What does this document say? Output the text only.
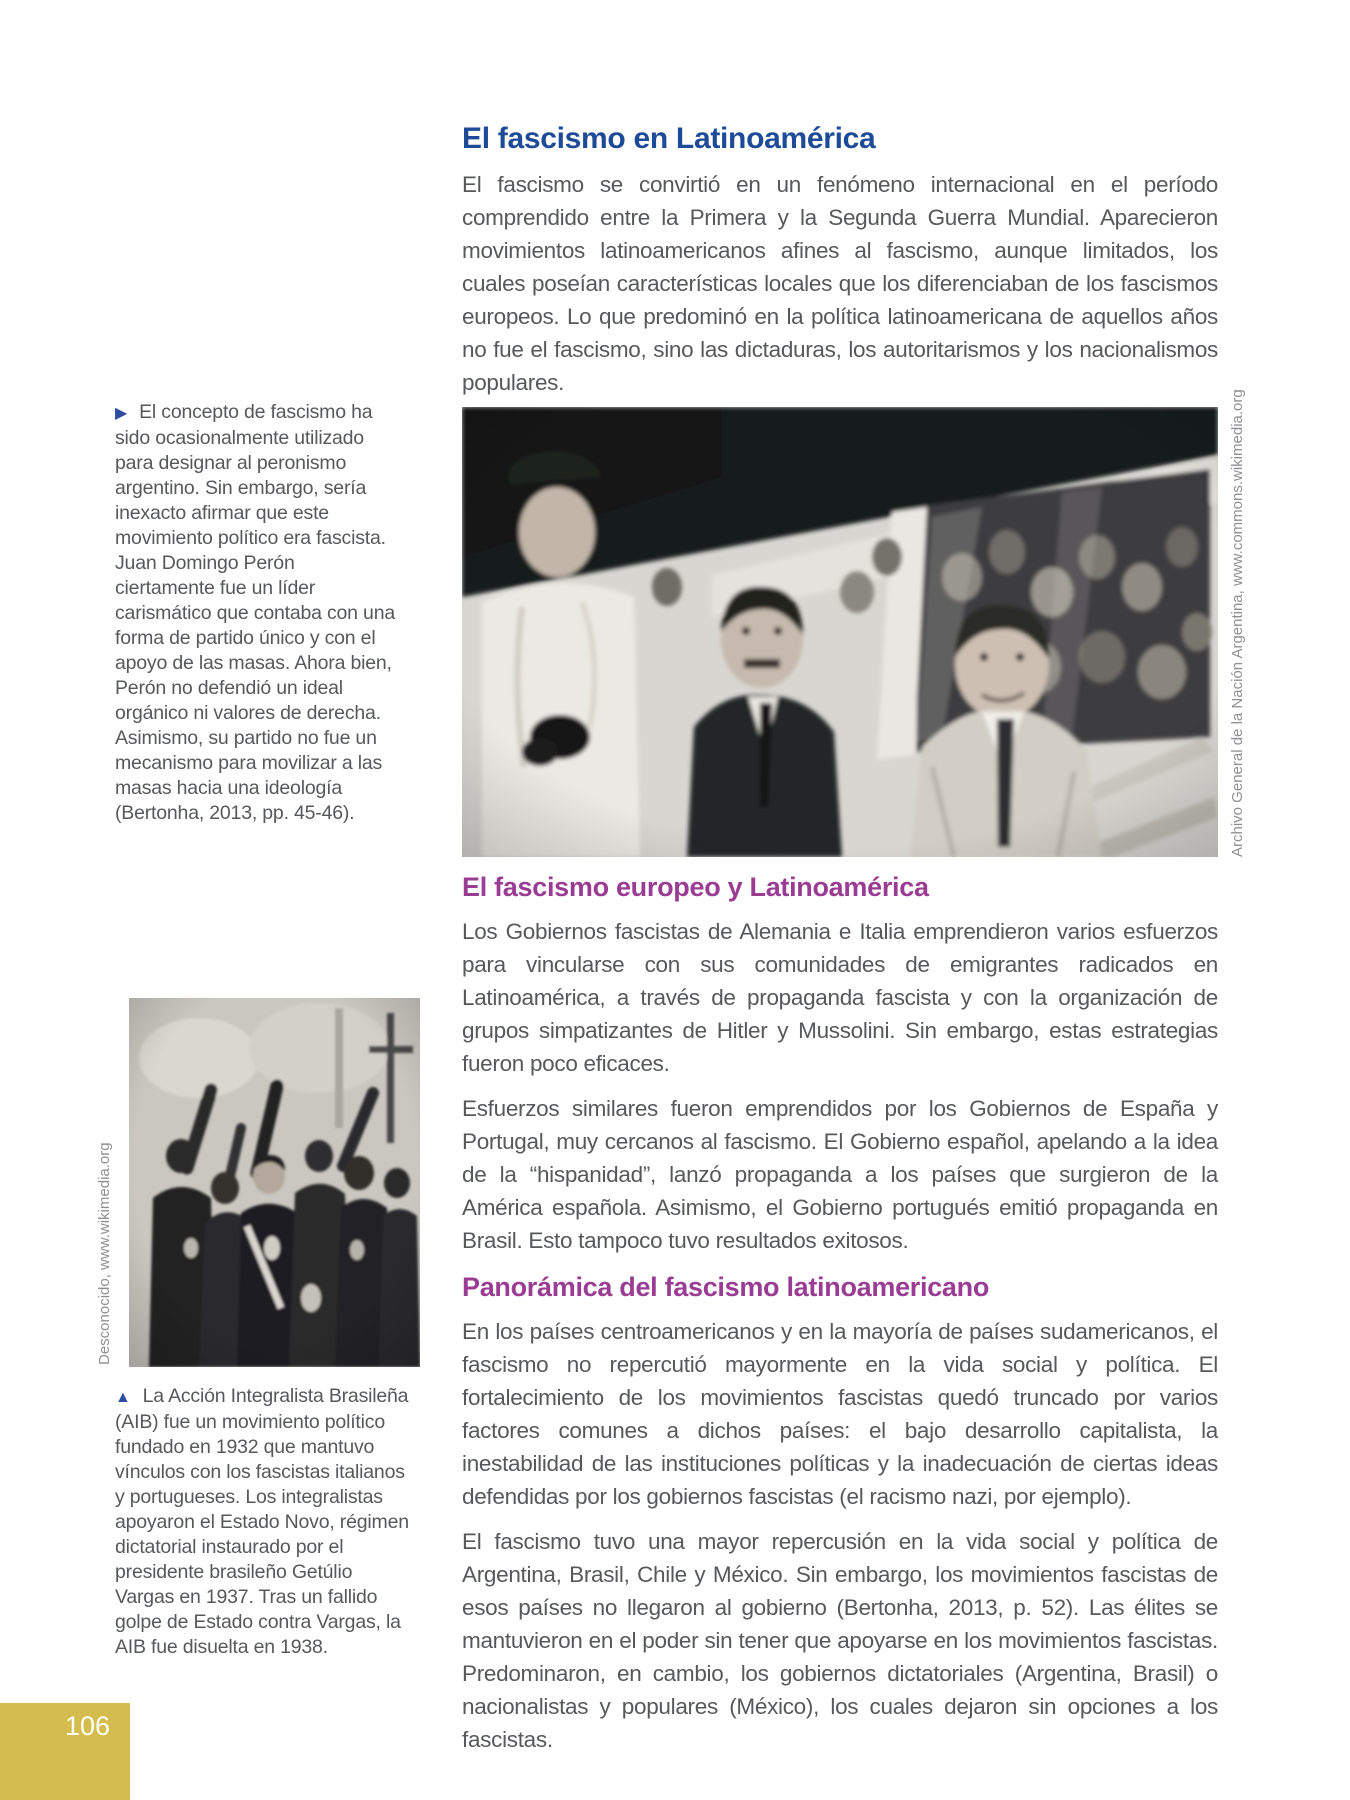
El fascismo en Latinoamérica

El fascismo se convirtió en un fenómeno internacional en el período comprendido entre la Primera y la Segunda Guerra Mundial. Aparecieron movimientos latinoamericanos afines al fascismo, aunque limitados, los cuales poseían características locales que los diferenciaban de los fascismos europeos. Lo que predominó en la política latinoamericana de aquellos años no fue el fascismo, sino las dictaduras, los autoritarismos y los nacionalismos populares.

Archivo General de la Nación Argentina, www.commons.wikimedia.org
El fascismo europeo y Latinoamérica

Los Gobiernos fascistas de Alemania e Italia emprendieron varios esfuerzos para vincularse con sus comunidades de emigrantes radicados en Latinoamérica, a través de propaganda fascista y con la organización de grupos simpatizantes de Hitler y Mussolini. Sin embargo, estas estrategias fueron poco eficaces.

Esfuerzos similares fueron emprendidos por los Gobiernos de España y Portugal, muy cercanos al fascismo. El Gobierno español, apelando a la idea de la “hispanidad”, lanzó propaganda a los países que surgieron de la América española. Asimismo, el Gobierno portugués emitió propaganda en Brasil. Esto tampoco tuvo resultados exitosos.

Panorámica del fascismo latinoamericano

En los países centroamericanos y en la mayoría de países sudamericanos, el fascismo no repercutió mayormente en la vida social y política. El fortalecimiento de los movimientos fascistas quedó truncado por varios factores comunes a dichos países: el bajo desarrollo capitalista, la inestabilidad de las instituciones políticas y la inadecuación de ciertas ideas defendidas por los gobiernos fascistas (el racismo nazi, por ejemplo).

El fascismo tuvo una mayor repercusión en la vida social y política de Argentina, Brasil, Chile y México. Sin embargo, los movimientos fascistas de esos países no llegaron al gobierno (Bertonha, 2013, p. 52). Las élites se mantuvieron en el poder sin tener que apoyarse en los movimientos fascistas. Predominaron, en cambio, los gobiernos dictatoriales (Argentina, Brasil) o nacionalistas y populares (México), los cuales dejaron sin opciones a los fascistas.

▶ El concepto de fascismo ha sido ocasionalmente utilizado para designar al peronismo argentino. Sin embargo, sería inexacto afirmar que este movimiento político era fascista. Juan Domingo Perón ciertamente fue un líder carismático que contaba con una forma de partido único y con el apoyo de las masas. Ahora bien, Perón no defendió un ideal orgánico ni valores de derecha. Asimismo, su partido no fue un mecanismo para movilizar a las masas hacia una ideología (Bertonha, 2013, pp. 45-46).
Desconocido, www.wikimedia.org
▲ La Acción Integralista Brasileña (AIB) fue un movimiento político fundado en 1932 que mantuvo vínculos con los fascistas italianos y portugueses. Los integralistas apoyaron el Estado Novo, régimen dictatorial instaurado por el presidente brasileño Getúlio Vargas en 1937. Tras un fallido golpe de Estado contra Vargas, la AIB fue disuelta en 1938.
106
